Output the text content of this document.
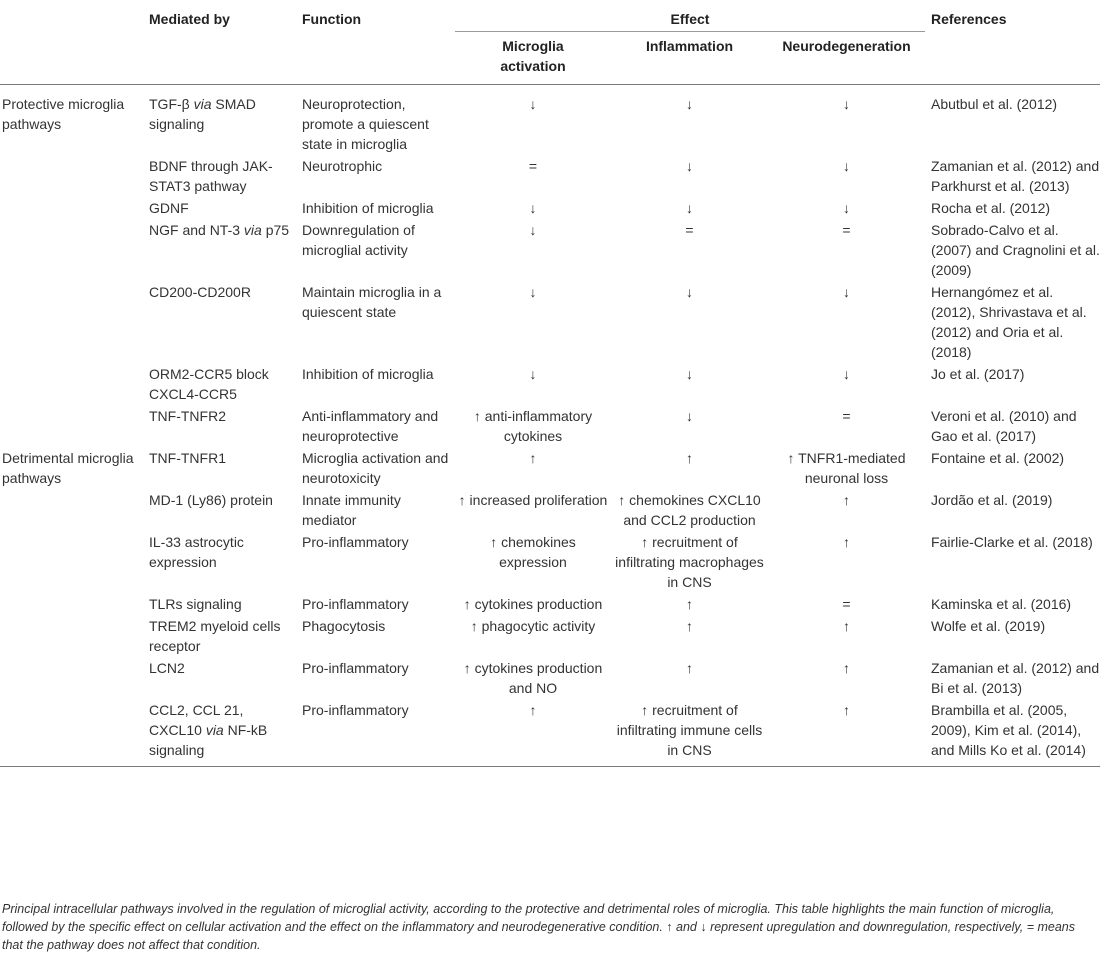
	Mediated by	Function	Effect			References

			Microglia activation	Inflammation	Neurodegeneration	
Protective microglia pathways	TGF-β via SMAD signaling	Neuroprotection, promote a quiescent state in microglia	↓	↓	↓	Abutbul et al. (2012)
	BDNF through JAK-STAT3 pathway	Neurotrophic	=	↓	↓	Zamanian et al. (2012) and Parkhurst et al. (2013)
	GDNF	Inhibition of microglia	↓	↓	↓	Rocha et al. (2012)
	NGF and NT-3 via p75	Downregulation of microglial activity	↓	=	=	Sobrado-Calvo et al. (2007) and Cragnolini et al. (2009)
	CD200-CD200R	Maintain microglia in a quiescent state	↓	↓	↓	Hernangómez et al. (2012), Shrivastava et al. (2012) and Oria et al. (2018)
	ORM2-CCR5 block CXCL4-CCR5	Inhibition of microglia	↓	↓	↓	Jo et al. (2017)
	TNF-TNFR2	Anti-inflammatory and neuroprotective	↑ anti-inflammatory cytokines	↓	=	Veroni et al. (2010) and Gao et al. (2017)
Detrimental microglia pathways	TNF-TNFR1	Microglia activation and neurotoxicity	↑	↑	↑ TNFR1-mediated neuronal loss	Fontaine et al. (2002)
	MD-1 (Ly86) protein	Innate immunity mediator	↑ increased proliferation	↑ chemokines CXCL10 and CCL2 production	↑	Jordão et al. (2019)
	IL-33 astrocytic expression	Pro-inflammatory	↑ chemokines expression	↑ recruitment of infiltrating macrophages in CNS	↑	Fairlie-Clarke et al. (2018)
	TLRs signaling	Pro-inflammatory	↑ cytokines production	↑	=	Kaminska et al. (2016)
	TREM2 myeloid cells receptor	Phagocytosis	↑ phagocytic activity	↑	↑	Wolfe et al. (2019)
	LCN2	Pro-inflammatory	↑ cytokines production and NO	↑	↑	Zamanian et al. (2012) and Bi et al. (2013)
	CCL2, CCL 21, CXCL10 via NF-kB signaling	Pro-inflammatory	↑	↑ recruitment of infiltrating immune cells in CNS	↑	Brambilla et al. (2005, 2009), Kim et al. (2014), and Mills Ko et al. (2014)
Principal intracellular pathways involved in the regulation of microglial activity, according to the protective and detrimental roles of microglia. This table highlights the main function of microglia, followed by the specific effect on cellular activation and the effect on the inflammatory and neurodegenerative condition. ↑ and ↓ represent upregulation and downregulation, respectively, = means that the pathway does not affect that condition.
